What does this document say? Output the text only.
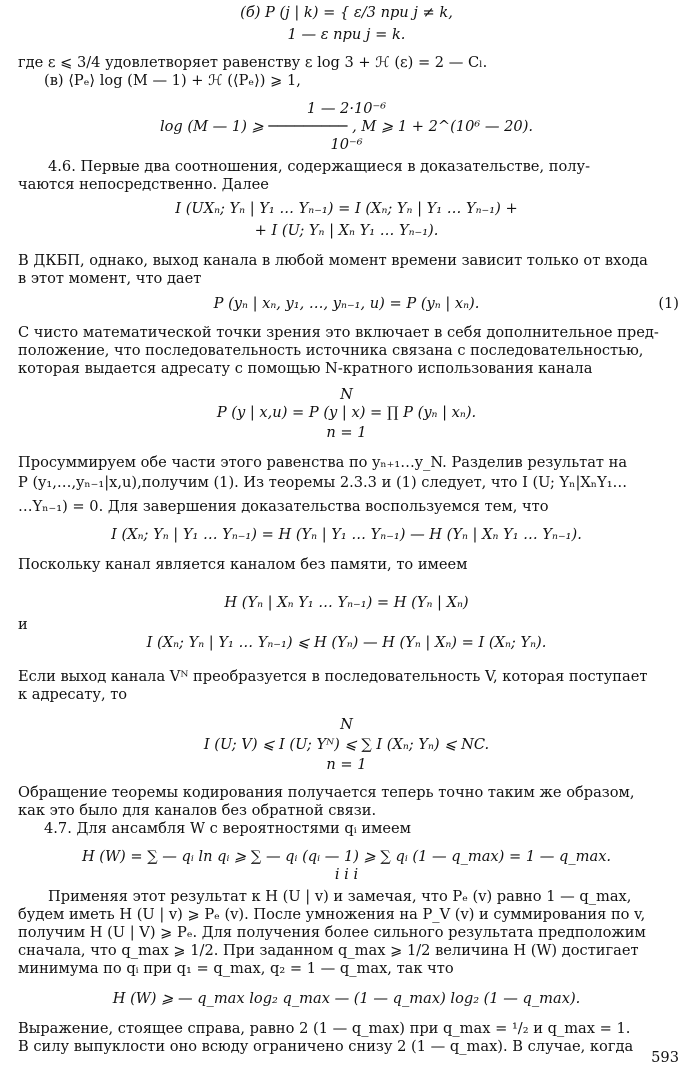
(б) P (j | k) = { ε/3 при j ≠ k,

1 — ε при j = k.

где ε ⩽ 3/4 удовлетворяет равенству ε log 3 + ℋ (ε) = 2 — Cₗ.

(в) ⟨Pₑ⟩ log (M — 1) + ℋ (⟨Pₑ⟩) ⩾ 1,

1 — 2·10⁻⁶

log (M — 1) ⩾ ───────── , M ⩾ 1 + 2^(10⁶ — 20).

10⁻⁶

4.6. Первые два соотношения, содержащиеся в доказательстве, полу-

чаются непосредственно. Далее

I (UXₙ; Yₙ | Y₁ … Yₙ₋₁) = I (Xₙ; Yₙ | Y₁ … Yₙ₋₁) +

+ I (U; Yₙ | Xₙ Y₁ … Yₙ₋₁).

В ДКБП, однако, выход канала в любой момент времени зависит только от входа

в этот момент, что дает

P (yₙ | xₙ, y₁, …, yₙ₋₁, u) = P (yₙ | xₙ).

С чисто математической точки зрения это включает в себя дополнительное пред-

положение, что последовательность источника связана с последовательностью,

которая выдается адресату с помощью N-кратного использования канала

N

P (y | x,u) = P (y | x) = ∏ P (yₙ | xₙ).

n = 1

Просуммируем обе части этого равенства по yₙ₊₁…y_N. Разделив результат на

P (y₁,…,yₙ₋₁|x,u),получим (1). Из теоремы 2.3.3 и (1) следует, что I (U; Yₙ|XₙY₁…

…Yₙ₋₁) = 0. Для завершения доказательства воспользуемся тем, что

I (Xₙ; Yₙ | Y₁ … Yₙ₋₁) = H (Yₙ | Y₁ … Yₙ₋₁) — H (Yₙ | Xₙ Y₁ … Yₙ₋₁).

Поскольку канал является каналом без памяти, то имеем

H (Yₙ | Xₙ Y₁ … Yₙ₋₁) = H (Yₙ | Xₙ)

и

I (Xₙ; Yₙ | Y₁ … Yₙ₋₁) ⩽ H (Yₙ) — H (Yₙ | Xₙ) = I (Xₙ; Yₙ).

Если выход канала Vᴺ преобразуется в последовательность V, которая поступает

к адресату, то

N

I (U; V) ⩽ I (U; Yᴺ) ⩽ ∑ I (Xₙ; Yₙ) ⩽ NC.

n = 1

Обращение теоремы кодирования получается теперь точно таким же образом,

как это было для каналов без обратной связи.

4.7. Для ансамбля W с вероятностями qᵢ имеем

H (W) = ∑ — qᵢ ln qᵢ ⩾ ∑ — qᵢ (qᵢ — 1) ⩾ ∑ qᵢ (1 — q_max) = 1 — q_max.

i i i

Применяя этот результат к H (U | v) и замечая, что Pₑ (v) равно 1 — q_max,

будем иметь H (U | v) ⩾ Pₑ (v). После умножения на P_V (v) и суммирования по v,

получим H (U | V) ⩾ Pₑ. Для получения более сильного результата предположим

сначала, что q_max ⩾ 1/2. При заданном q_max ⩾ 1/2 величина H (W) достигает

минимума по qᵢ при q₁ = q_max, q₂ = 1 — q_max, так что

H (W) ⩾ — q_max log₂ q_max — (1 — q_max) log₂ (1 — q_max).

Выражение, стоящее справа, равно 2 (1 — q_max) при q_max = ¹/₂ и q_max = 1.

В силу выпуклости оно всюду ограничено снизу 2 (1 — q_max). В случае, когда

(1)
593
